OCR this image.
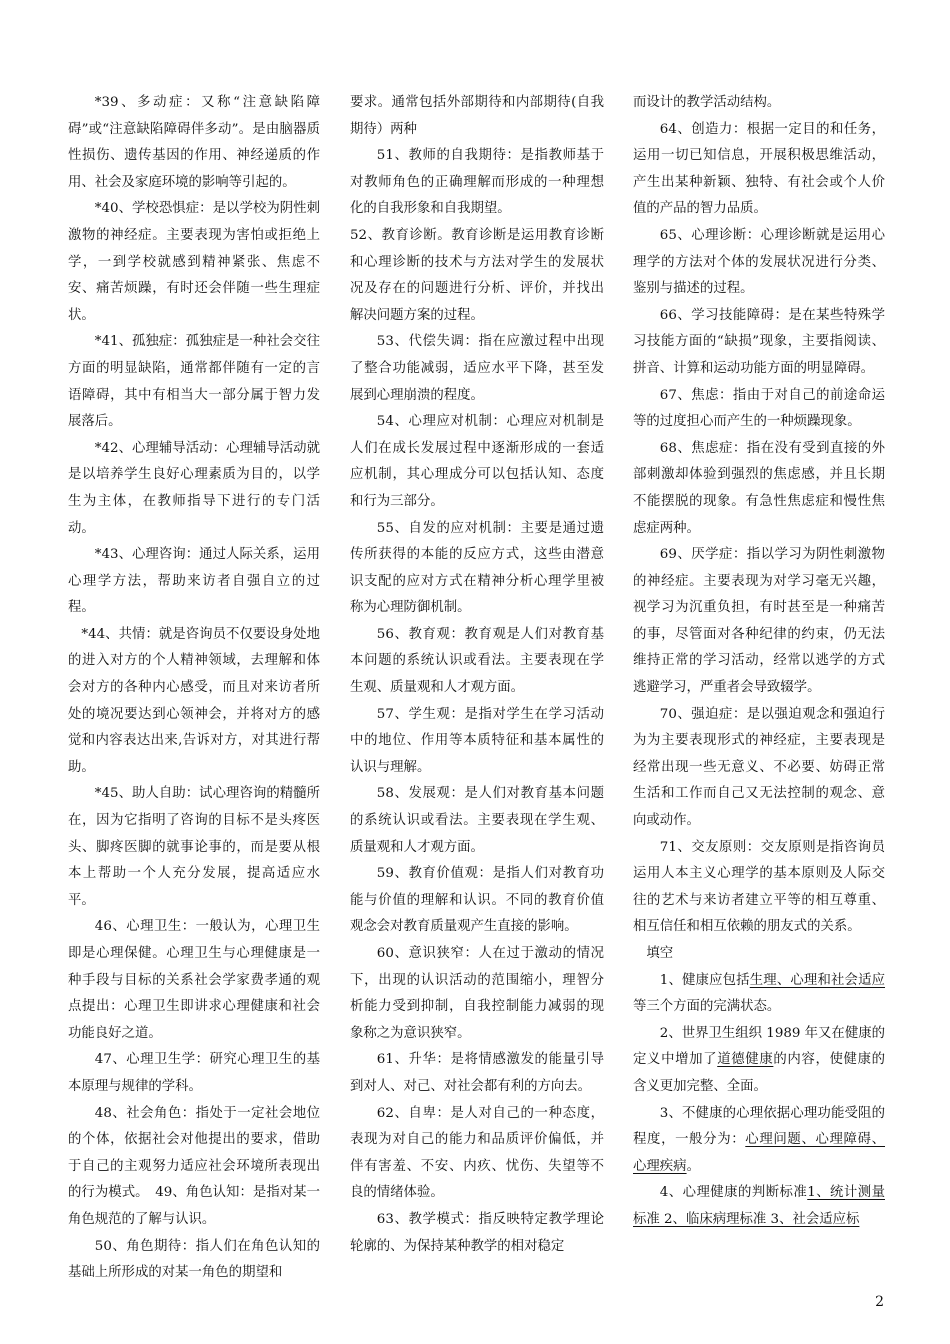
*39、多动症：又称“注意缺陷障碍”或“注意缺陷障碍伴多动”。是由脑器质性损伤、遗传基因的作用、神经递质的作用、社会及家庭环境的影响等引起的。

*40、学校恐惧症：是以学校为阴性刺激物的神经症。主要表现为害怕或拒绝上学，一到学校就感到精神紧张、焦虑不安、痛苦烦躁，有时还会伴随一些生理症状。

*41、孤独症：孤独症是一种社会交往方面的明显缺陷，通常都伴随有一定的言语障碍，其中有相当大一部分属于智力发展落后。

*42、心理辅导活动：心理辅导活动就是以培养学生良好心理素质为目的，以学生为主体，在教师指导下进行的专门活动。

*43、心理咨询：通过人际关系，运用心理学方法，帮助来访者自强自立的过程。

*44、共情：就是咨询员不仅要设身处地的进入对方的个人精神领域，去理解和体会对方的各种内心感受，而且对来访者所处的境况要达到心领神会，并将对方的感觉和内容表达出来,告诉对方，对其进行帮助。

*45、助人自助：试心理咨询的精髓所在，因为它指明了咨询的目标不是头疼医头、脚疼医脚的就事论事的，而是要从根本上帮助一个人充分发展，提高适应水平。

46、心理卫生：一般认为，心理卫生即是心理保健。心理卫生与心理健康是一种手段与目标的关系社会学家费孝通的观点提出：心理卫生即讲求心理健康和社会功能良好之道。

47、心理卫生学：研究心理卫生的基本原理与规律的学科。

48、社会角色：指处于一定社会地位的个体，依据社会对他提出的要求，借助于自己的主观努力适应社会环境所表现出的行为模式。　49、角色认知：是指对某一角色规范的了解与认识。

50、角色期待：指人们在角色认知的基础上所形成的对某一角色的期望和

要求。通常包括外部期待和内部期待(自我期待）两种

51、教师的自我期待：是指教师基于对教师角色的正确理解而形成的一种理想化的自我形象和自我期望。

52、教育诊断。教育诊断是运用教育诊断和心理诊断的技术与方法对学生的发展状况及存在的问题进行分析、评价，并找出解决问题方案的过程。

53、代偿失调：指在应激过程中出现了整合功能减弱，适应水平下降，甚至发展到心理崩溃的程度。

54、心理应对机制：心理应对机制是人们在成长发展过程中逐渐形成的一套适应机制，其心理成分可以包括认知、态度和行为三部分。

55、自发的应对机制：主要是通过遗传所获得的本能的反应方式，这些由潜意识支配的应对方式在精神分析心理学里被称为心理防御机制。

56、教育观：教育观是人们对教育基本问题的系统认识或看法。主要表现在学生观、质量观和人才观方面。

57、学生观：是指对学生在学习活动中的地位、作用等本质特征和基本属性的认识与理解。

58、发展观：是人们对教育基本问题的系统认识或看法。主要表现在学生观、质量观和人才观方面。

59、教育价值观：是指人们对教育功能与价值的理解和认识。不同的教育价值观念会对教育质量观产生直接的影响。

60、意识狭窄：人在过于激动的情况下，出现的认识活动的范围缩小，理智分析能力受到抑制，自我控制能力减弱的现象称之为意识狭窄。

61、升华：是将情感激发的能量引导到对人、对己、对社会都有利的方向去。

62、自卑：是人对自己的一种态度，表现为对自己的能力和品质评价偏低，并伴有害羞、不安、内疚、忧伤、失望等不良的情绪体验。

63、教学模式：指反映特定教学理论轮廓的、为保持某种教学的相对稳定

而设计的教学活动结构。

64、创造力：根据一定目的和任务，运用一切已知信息，开展积极思维活动，产生出某种新颖、独特、有社会或个人价值的产品的智力品质。

65、心理诊断：心理诊断就是运用心理学的方法对个体的发展状况进行分类、鉴别与描述的过程。

66、学习技能障碍：是在某些特殊学习技能方面的“缺损”现象，主要指阅读、拼音、计算和运动功能方面的明显障碍。

67、焦虑：指由于对自己的前途命运等的过度担心而产生的一种烦躁现象。

68、焦虑症：指在没有受到直接的外部刺激却体验到强烈的焦虑感，并且长期不能摆脱的现象。有急性焦虑症和慢性焦虑症两种。

69、厌学症：指以学习为阴性刺激物的神经症。主要表现为对学习毫无兴趣，视学习为沉重负担，有时甚至是一种痛苦的事，尽管面对各种纪律的约束，仍无法维持正常的学习活动，经常以逃学的方式逃避学习，严重者会导致辍学。

70、强迫症：是以强迫观念和强迫行为为主要表现形式的神经症，主要表现是经常出现一些无意义、不必要、妨碍正常生活和工作而自己又无法控制的观念、意向或动作。

71、交友原则：交友原则是指咨询员运用人本主义心理学的基本原则及人际交往的艺术与来访者建立平等的相互尊重、相互信任和相互依赖的朋友式的关系。

填空

1、健康应包括生理、心理和社会适应等三个方面的完满状态。

2、世界卫生组织 1989 年又在健康的定义中增加了道德健康的内容，使健康的含义更加完整、全面。

3、不健康的心理依据心理功能受阻的程度，一般分为：心理问题、心理障碍、心理疾病。

4、心理健康的判断标准1、统计测量标准 2、临床病理标准 3、社会适应标

2
